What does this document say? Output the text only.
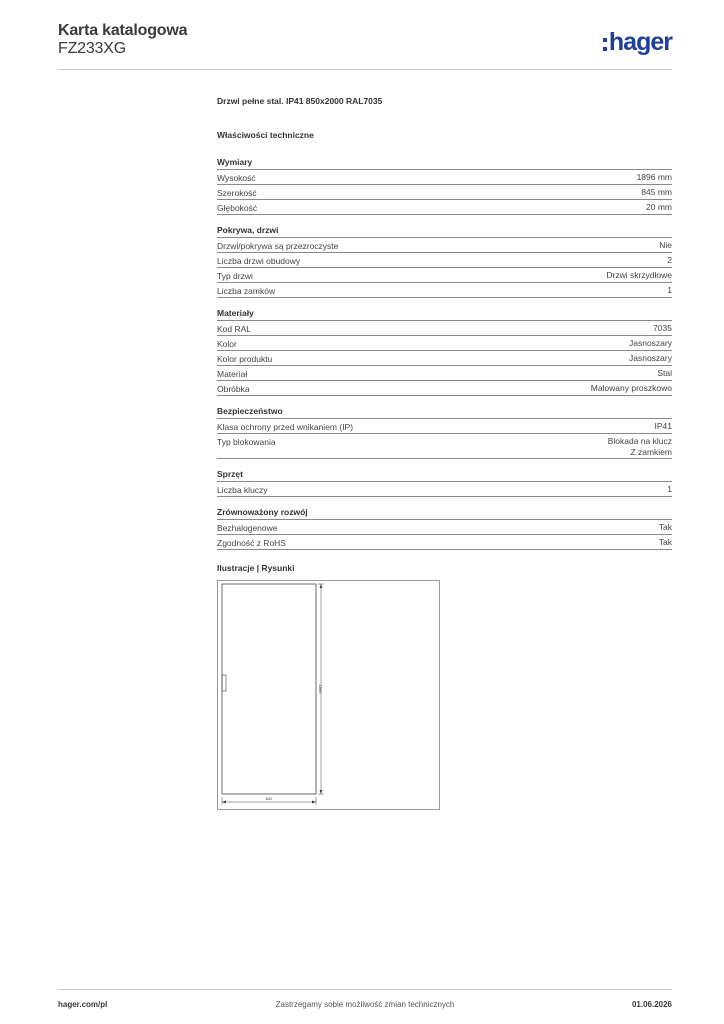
Karta katalogowa
FZ233XG	hager
Drzwi pełne stal. IP41 850x2000 RAL7035
Właściwości techniczne
Wymiary
Wysokość	1896 mm
Szerokość	845 mm
Głębokość	20 mm
Pokrywa, drzwi
Drzwi/pokrywa są przezroczyste	Nie
Liczba drzwi obudowy	2
Typ drzwi	Drzwi skrzydłowe
Liczba zamków	1
Materiały
Kod RAL	7035
Kolor	Jasnoszary
Kolor produktu	Jasnoszary
Materiał	Stal
Obróbka	Malowany proszkowo
Bezpieczeństwo
Klasa ochrony przed wnikaniem (IP)	IP41
Typ blokowania	Blokada na klucz
Z zamkiem
Sprzęt
Liczba kluczy	1
Zrównoważony rozwój
Bezhalogenowe	Tak
Zgodność z RoHS	Tak
Ilustracje | Rysunki
842
1896
hager.com/pl	Zastrzegamy sobie możliwość zmian technicznych	01.06.2026
